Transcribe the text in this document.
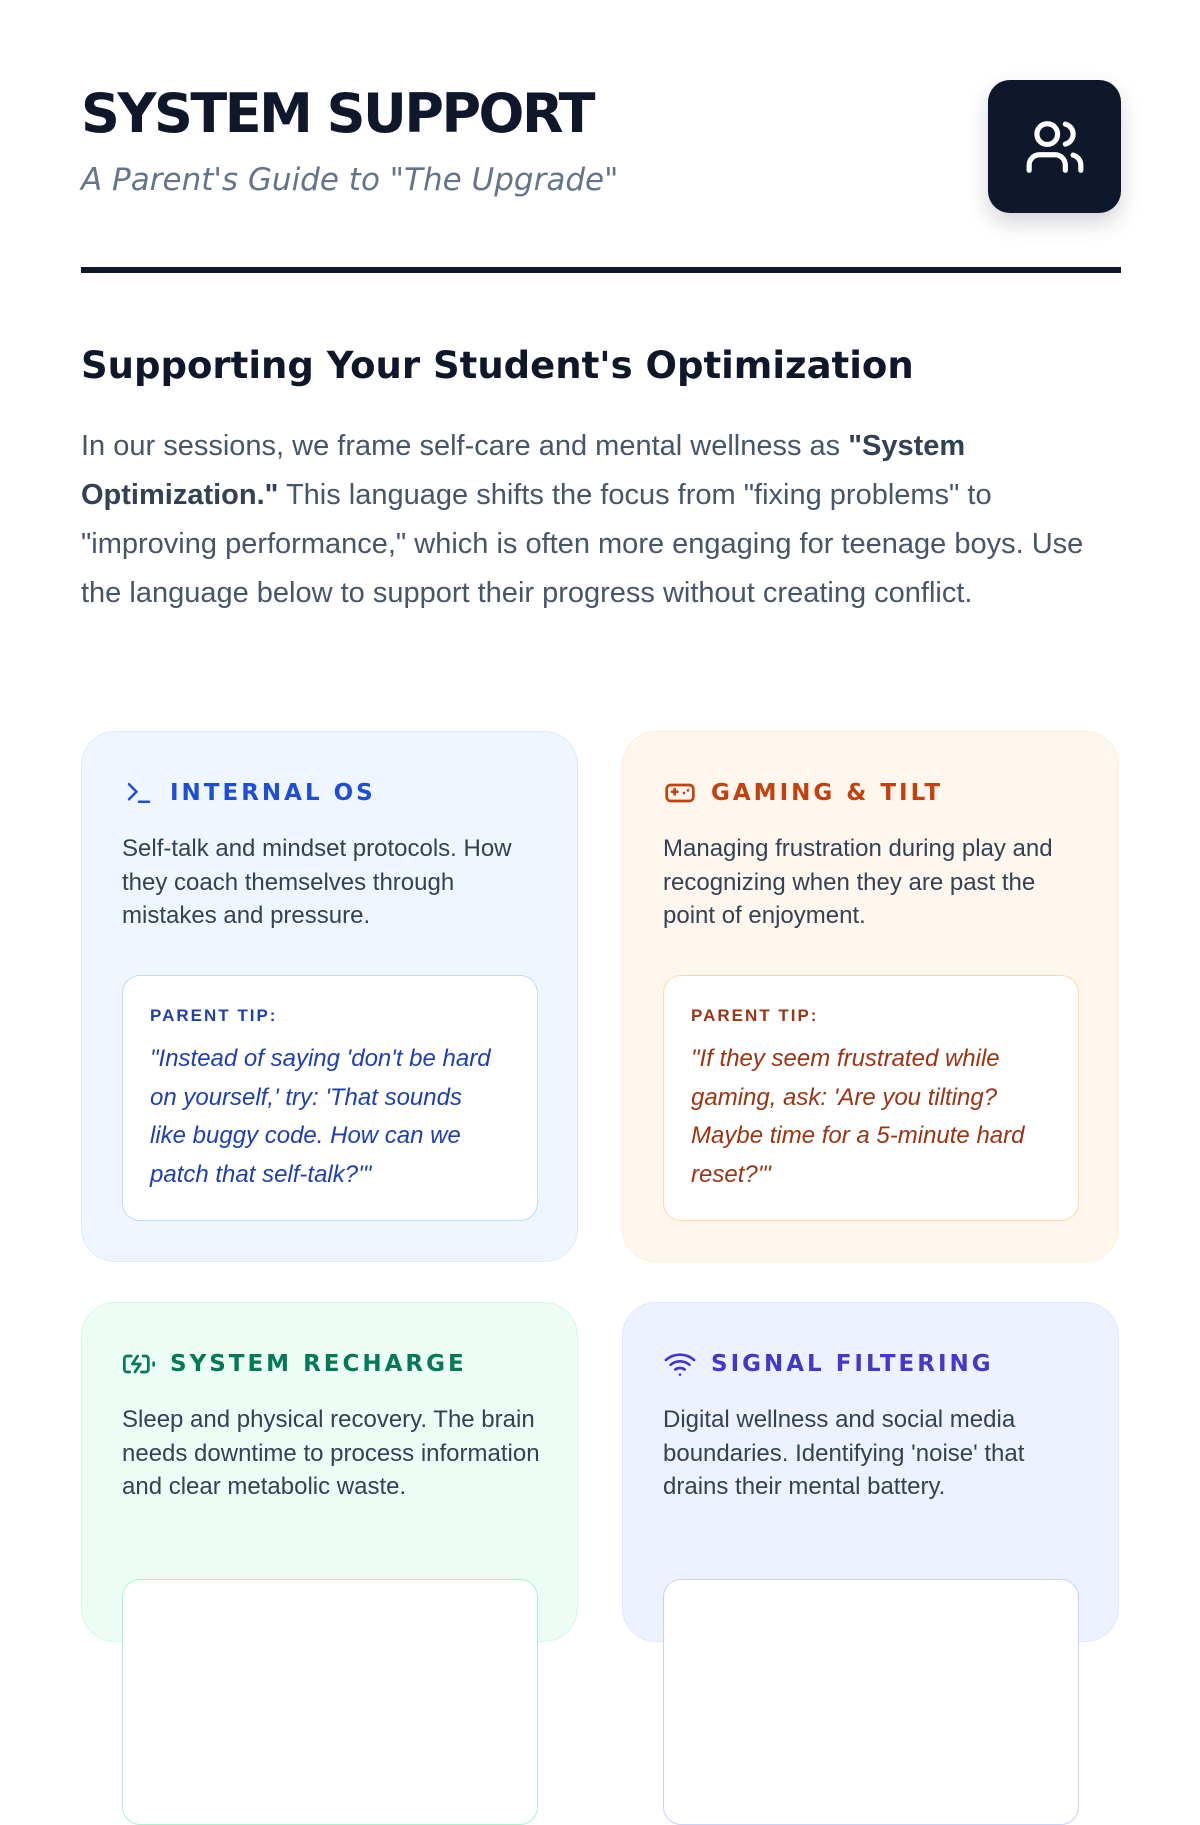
SYSTEM SUPPORT
A Parent's Guide to "The Upgrade"
Supporting Your Student's Optimization

In our sessions, we frame self-care and mental wellness as "System Optimization." This language shifts the focus from "fixing problems" to "improving performance," which is often more engaging for teenage boys. Use the language below to support their progress without creating conflict.

INTERNAL OS

Self-talk and mindset protocols. How they coach themselves through mistakes and pressure.

PARENT TIP:

"Instead of saying 'don't be hard on yourself,' try: 'That sounds like buggy code. How can we patch that self-talk?'"

GAMING & TILT

Managing frustration during play and recognizing when they are past the point of enjoyment.

PARENT TIP:

"If they seem frustrated while gaming, ask: 'Are you tilting? Maybe time for a 5-minute hard reset?'"

SYSTEM RECHARGE

Sleep and physical recovery. The brain needs downtime to process information and clear metabolic waste.

SIGNAL FILTERING

Digital wellness and social media boundaries. Identifying 'noise' that drains their mental battery.
